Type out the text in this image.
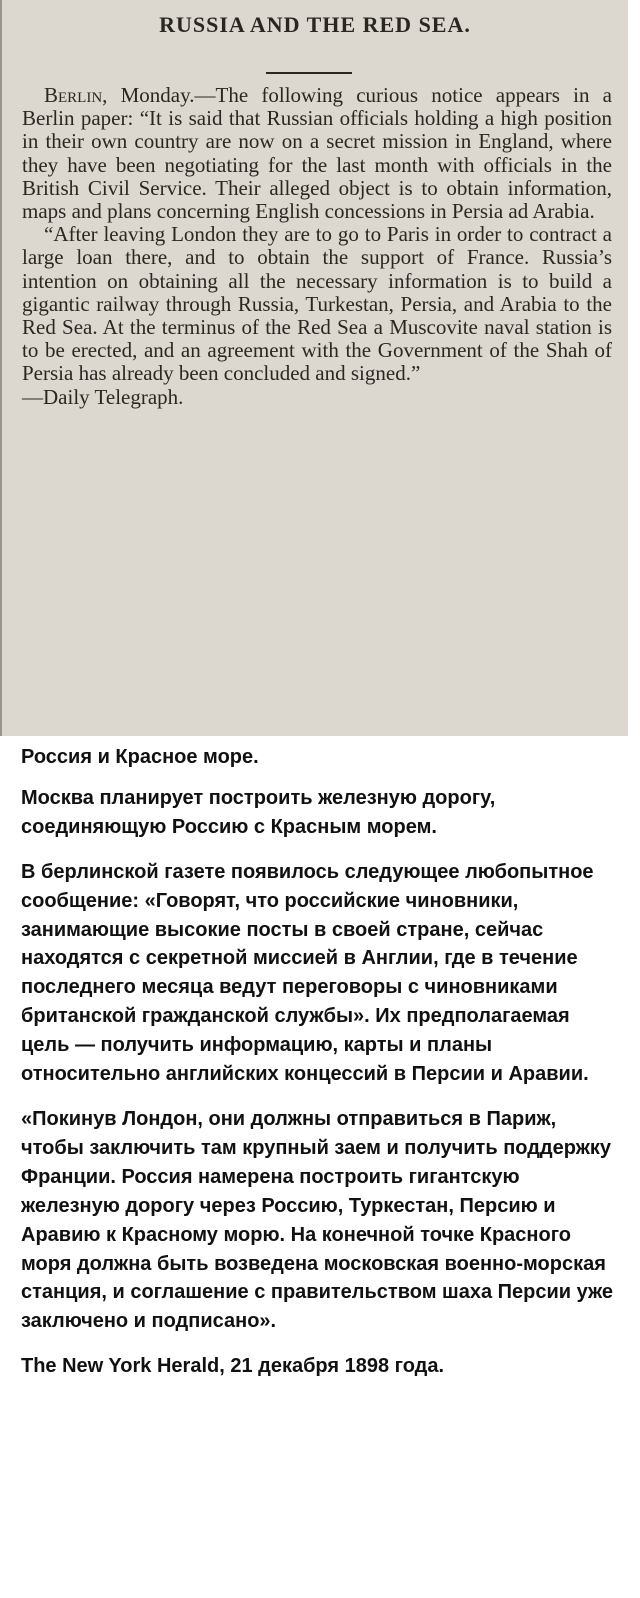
RUSSIA AND THE RED SEA.

Berlin, Monday.—The following curious notice appears in a Berlin paper: “It is said that Russian officials holding a high position in their own country are now on a secret mission in England, where they have been negotiating for the last month with officials in the British Civil Service. Their alleged object is to obtain information, maps and plans concerning English concessions in Persia ad Arabia.

“After leaving London they are to go to Paris in order to contract a large loan there, and to obtain the support of France. Russia’s intention on obtaining all the necessary information is to build a gigantic railway through Russia, Turkestan, Persia, and Arabia to the Red Sea. At the terminus of the Red Sea a Muscovite naval station is to be erected, and an agreement with the Government of the Shah of Persia has already been concluded and signed.”

—Daily Telegraph.

Россия и Красное море.
Москва планирует построить железную дорогу, соединяющую Россию с Красным морем.
В берлинской газете появилось следующее любопытное сообщение: «Говорят, что российские чиновники, занимающие высокие посты в своей стране, сейчас находятся с секретной миссией в Англии, где в течение последнего месяца ведут переговоры с чиновниками британской гражданской службы». Их предполагаемая цель — получить информацию, карты и планы относительно английских концессий в Персии и Аравии.
«Покинув Лондон, они должны отправиться в Париж, чтобы заключить там крупный заем и получить поддержку Франции. Россия намерена построить гигантскую железную дорогу через Россию, Туркестан, Персию и Аравию к Красному морю. На конечной точке Красного моря должна быть возведена московская военно-морская станция, и соглашение с правительством шаха Персии уже заключено и подписано».
The New York Herald, 21 декабря 1898 года.
